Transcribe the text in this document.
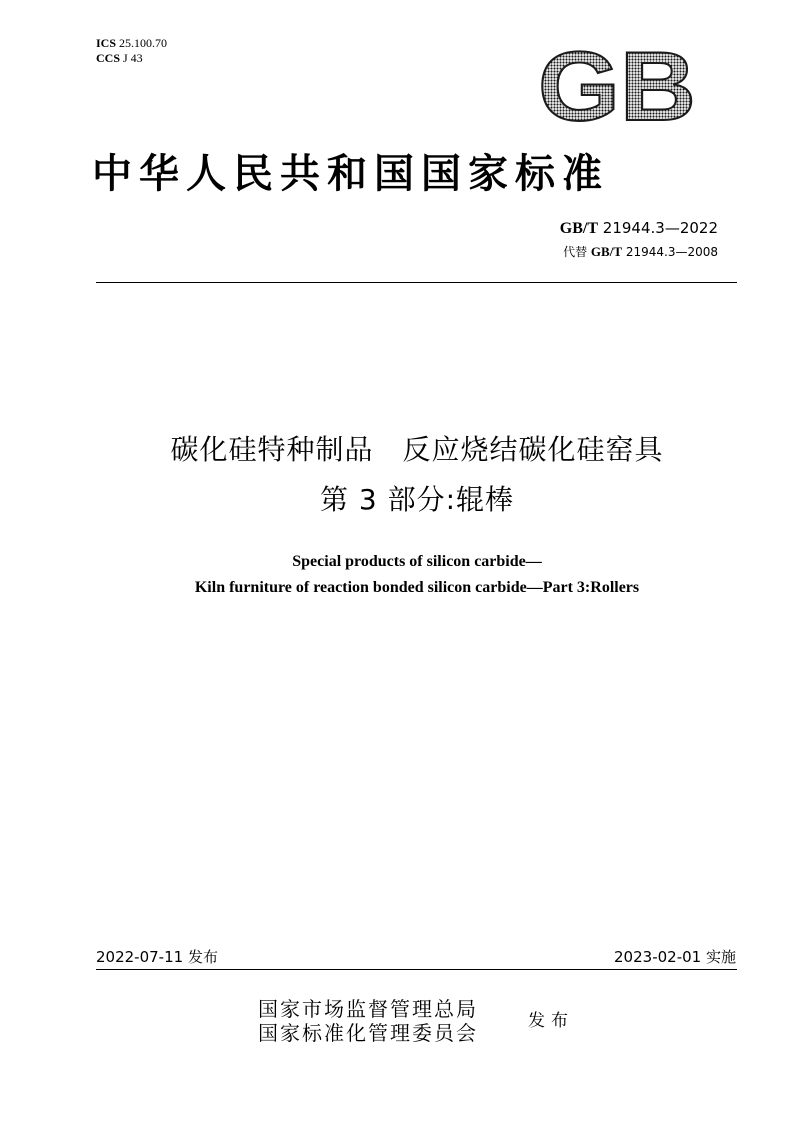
ICS 25.100.70
CCS J 43	GB
中华人民共和国国家标准
GB/T 21944.3—2022
代替 GB/T 21944.3—2008
碳化硅特种制品　反应烧结碳化硅窑具
第 3 部分:辊棒
Special products of silicon carbide—
Kiln furniture of reaction bonded silicon carbide—Part 3:Rollers
2022-07-11 发布	2023-02-01 实施
国家市场监督管理总局
国家标准化管理委员会	发布
